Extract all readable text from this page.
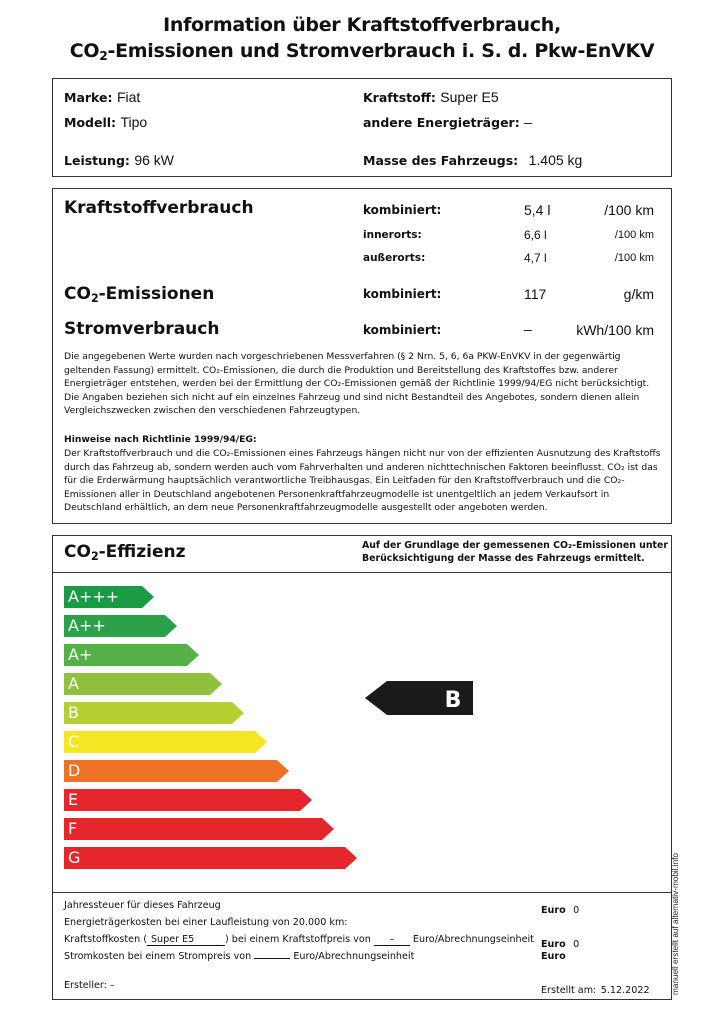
Information über Kraftstoffverbrauch,
$CO_2$-Emissionen und Stromverbrauch i. S. d. Pkw-EnVKV
Marke: Fiat
Modell: Tipo
Leistung: 96 kW
Kraftstoff: Super E5
andere Energieträger: –
Masse des Fahrzeugs: 1.405 kg
Kraftstoffverbrauch	kombiniert:	5,4 l	/100 km
innerorts:	6,6 l	/100 km
außerorts:	4,7 l	/100 km
$CO_2$-Emissionen	kombiniert:	117	g/km
Stromverbrauch	kombiniert:	–	kWh/100 km
Die angegebenen Werte wurden nach vorgeschriebenen Messverfahren (§ 2 Nrn. 5, 6, 6a PKW-EnVKV in der gegenwärtig geltenden Fassung) ermittelt. CO₂-Emissionen, die durch die Produktion und Bereitstellung des Kraftstoffes bzw. anderer Energieträger entstehen, werden bei der Ermittlung der CO₂-Emissionen gemäß der Richtlinie 1999/94/EG nicht berücksichtigt. Die Angaben beziehen sich nicht auf ein einzelnes Fahrzeug und sind nicht Bestandteil des Angebotes, sondern dienen allein Vergleichszwecken zwischen den verschiedenen Fahrzeugtypen.
Hinweise nach Richtlinie 1999/94/EG:
Der Kraftstoffverbrauch und die CO₂-Emissionen eines Fahrzeugs hängen nicht nur von der effizienten Ausnutzung des Kraftstoffs durch das Fahrzeug ab, sondern werden auch vom Fahrverhalten und anderen nichttechnischen Faktoren beeinflusst. CO₂ ist das für die Erderwärmung hauptsächlich verantwortliche Treibhausgas. Ein Leitfaden für den Kraftstoffverbrauch und die CO₂-Emissionen aller in Deutschland angebotenen Personenkraftfahrzeugmodelle ist unentgeltlich an jedem Verkaufsort in Deutschland erhältlich, an dem neue Personenkraftfahrzeugmodelle ausgestellt oder angeboten werden.
$CO_2$-Effizienz	Auf der Grundlage der gemessenen CO₂-Emissionen unter
Berücksichtigung der Masse des Fahrzeugs ermittelt.
A+++
A++
A+
A
B
C
D
E
F
G
B
Jahressteuer für dieses Fahrzeug	Euro 0
Energieträgerkosten bei einer Laufleistung von 20.000 km:
Kraftstoffkosten ( Super E5	) bei einem Kraftstoffpreis von – Euro/Abrechnungseinheit Euro 0
Stromkosten bei einem Strompreis von	Euro/Abrechnungseinheit	Euro
Ersteller: –	Erstellt am: 5.12.2022	manuell erstellt auf alternativ-mobil.info
